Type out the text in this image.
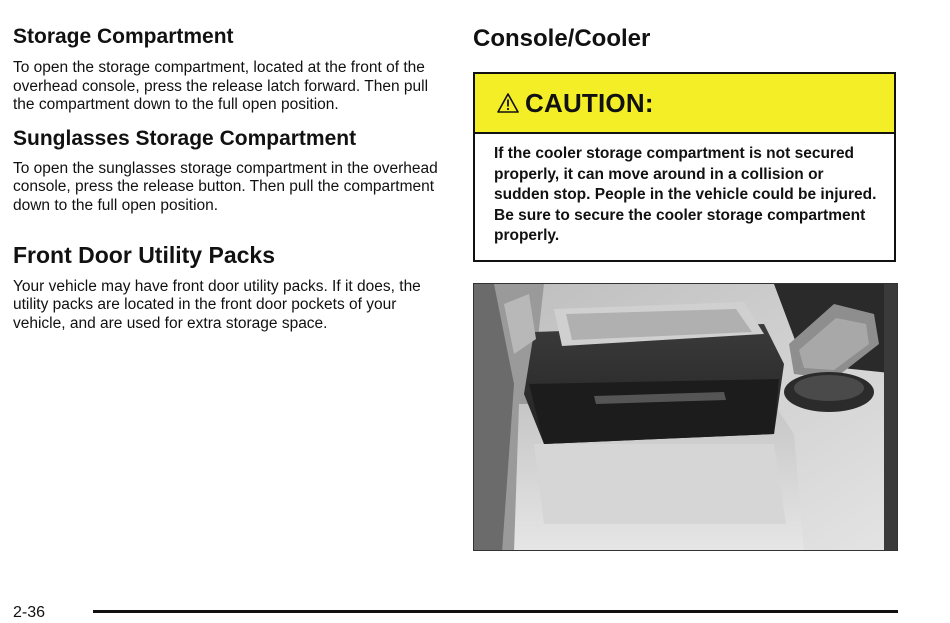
Storage Compartment

To open the storage compartment, located at the front of the overhead console, press the release latch forward. Then pull the compartment down to the full open position.

Sunglasses Storage Compartment

To open the sunglasses storage compartment in the overhead console, press the release button. Then pull the compartment down to the full open position.

Front Door Utility Packs

Your vehicle may have front door utility packs. If it does, the utility packs are located in the front door pockets of your vehicle, and are used for extra storage space.

Console/Cooler
CAUTION:
If the cooler storage compartment is not secured properly, it can move around in a collision or sudden stop. People in the vehicle could be injured. Be sure to secure the cooler storage compartment properly.
2-36
